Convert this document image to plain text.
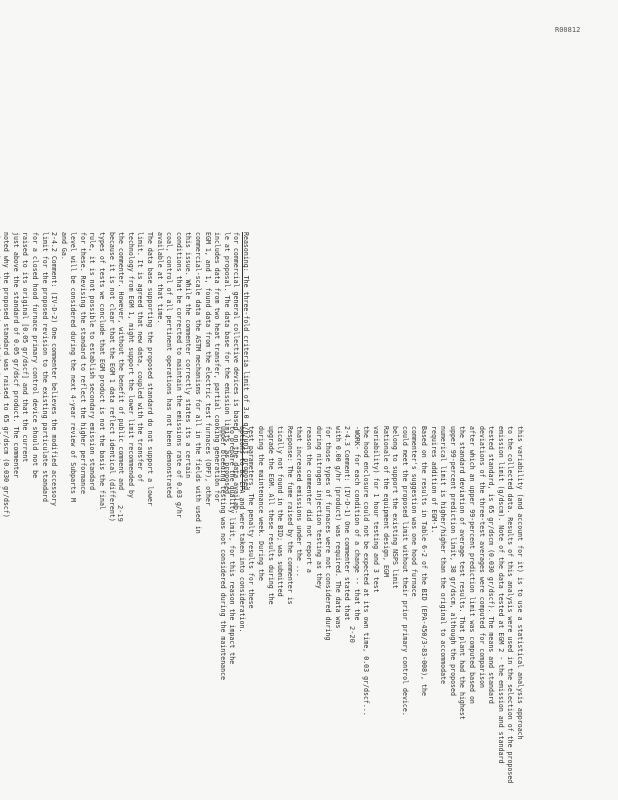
R00812

Reasoning: The three-fold criteria limit of 3.0 g/h/unit proposed

for commercial general collective devices is based on the data availab-

le at proposal. The data base for the emission limits, as proposed,

includes data from two heat transfer, partial cooking generation for

EGM 1, and 1, found data from the electric test furnaces (OPF), other

commercial-scale data the ASTM mechanisms for all in the fields with used in

this issue. While the commenter correctly states its a certain

conditions that be corrected to maintain the emissions rate of 0.03 g/hr

coal, control of all pertinent operations has not been demonstrated

available at that time.

The data base supporting the proposed standard do not support a lower

limit. It is agreed that new data, coupled with the transfer of

technology from EGM 1, might support the lower limit recommended by

the commenter. However, without the benefit of public comment and

because it is not clear that the EGM 1 data reflect identical (different)

types of tests we conclude that EGM product is not the basis the final

rule, it is not possible to establish secondary emission standard

for these. Revising the standard to reflect the higher performance

level will be considered during the next 4-year review of Subparts M

and Ga.

2-4.2 Comment: (IV-D-2) One commenter believes the modified accessory

limit for the proposed revision to the existing particulate standard

for a closed hood furnace primary control device should not be

raised to its original [0.05 gr/dscf] and that the current

just above the standard of 0.05 gr/dscf product. The commenter

noted why the proposed standard was raised to 65 gr/dscm (0.030 gr/dscf)	2-19	this variability (and account for it) is to use a statistical analysis approach

to the collected data. Results of this analysis were used in the selection of the proposed

emission limit (g/dscm). Note of the data tested at EGM 2 - the emission and standard

tested standard, is 65 gr/dscm (0.030 gr/dscf). The means and standard

deviations of the three-test averages were computed for comparison

after which an upper 99-percent prediction limit was computed based on

the standard deviation of average test results. That plant had the highest

upper 99-percent prediction limit, 38 gr/dscm, although the proposed

numerical limit is higher/higher than the original to accommodate

requires addition of EGM-1.

Based on the results in Table 6-2 of the BID (EPA-450/3-83-008), the

commenter's suggestion was one hood furnace

could meet the proposed limit without their prior primary control device.

belong to support the existing NSPS limit

Rationale of the equipment design, EGM

variability) for 1 hour testing and 3 test

the hood enclosure could not be expected at its own time, 0.03 gr/dscf...

-WORK- for each condition of a change -- that the

2-4.3 Comment: (IV-D-1) One commenter stated that

with 0.00 g/hr (product) was required. The data was

for those types of furnaces were not considered during

during nitrogen injection testing as they

reason the commenter did not report a

that increased emissions under the ...

Response: The fume raised by the commenter is

tically not found in the BID; was submitted

upgrade the EGM. All these results during the

during the maintenance week. During the

test parameters. The penalty results for these

options to be EPA and were taken into consideration.

to prepare the quality limit, for this reason the impact the

upper bleeding testing was not considered during the maintenance	2-20
